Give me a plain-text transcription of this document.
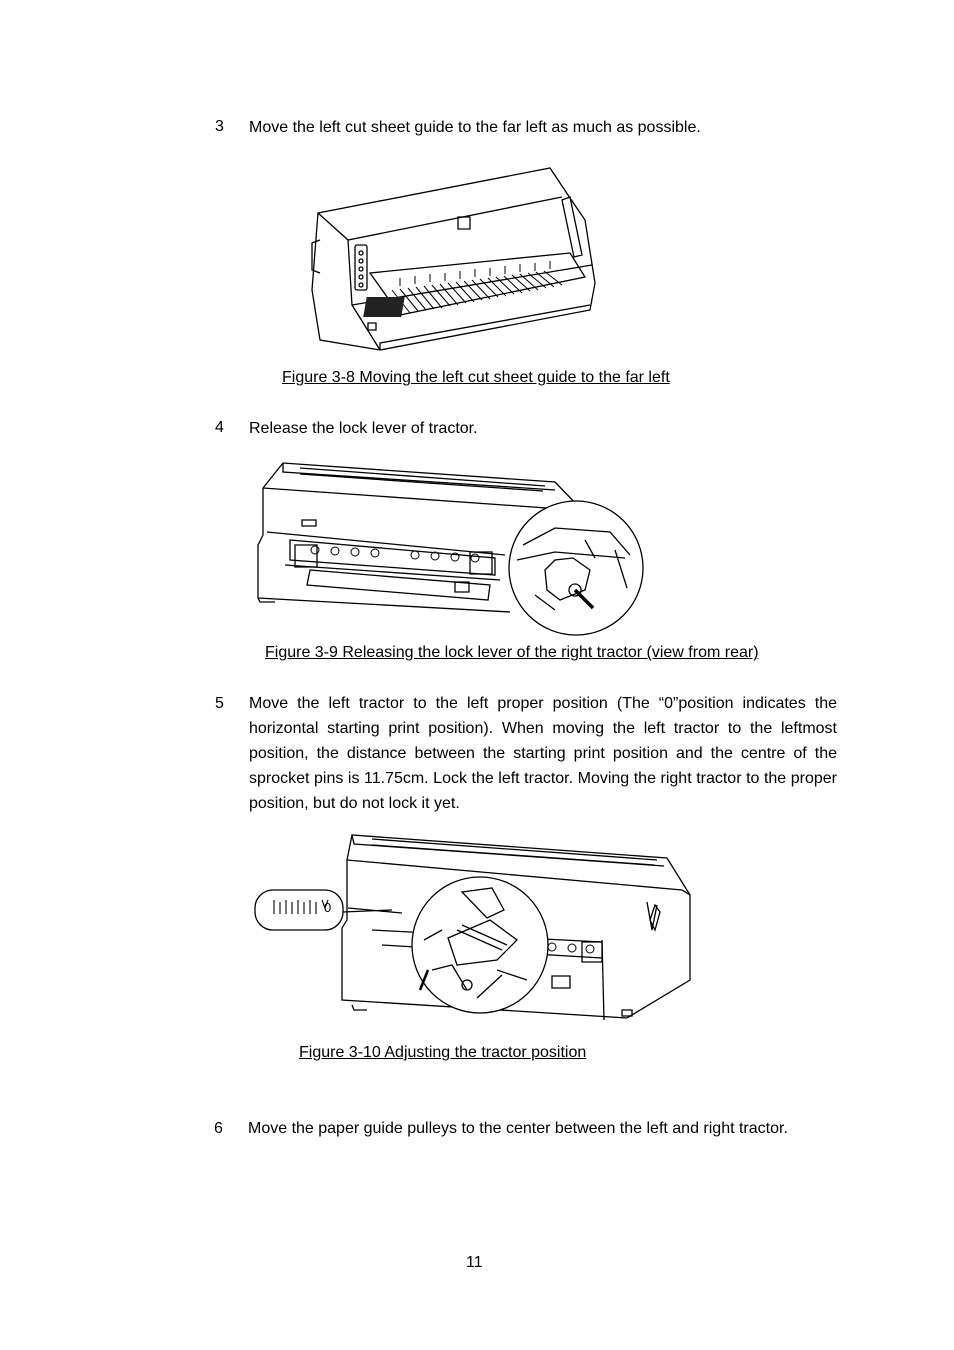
3 Move the left cut sheet guide to the far left as much as possible.
Figure 3-8 Moving the left cut sheet guide to the far left
4 Release the lock lever of tractor.
Figure 3-9 Releasing the lock lever of the right tractor (view from rear)
5 Move the left tractor to the left proper position (The “0”position indicates the horizontal starting print position). When moving the left tractor to the leftmost position, the distance between the starting print position and the centre of the sprocket pins is 11.75cm. Lock the left tractor. Moving the right tractor to the proper position, but do not lock it yet.
0
Figure 3-10 Adjusting the tractor position
6 Move the paper guide pulleys to the center between the left and right tractor.
11
